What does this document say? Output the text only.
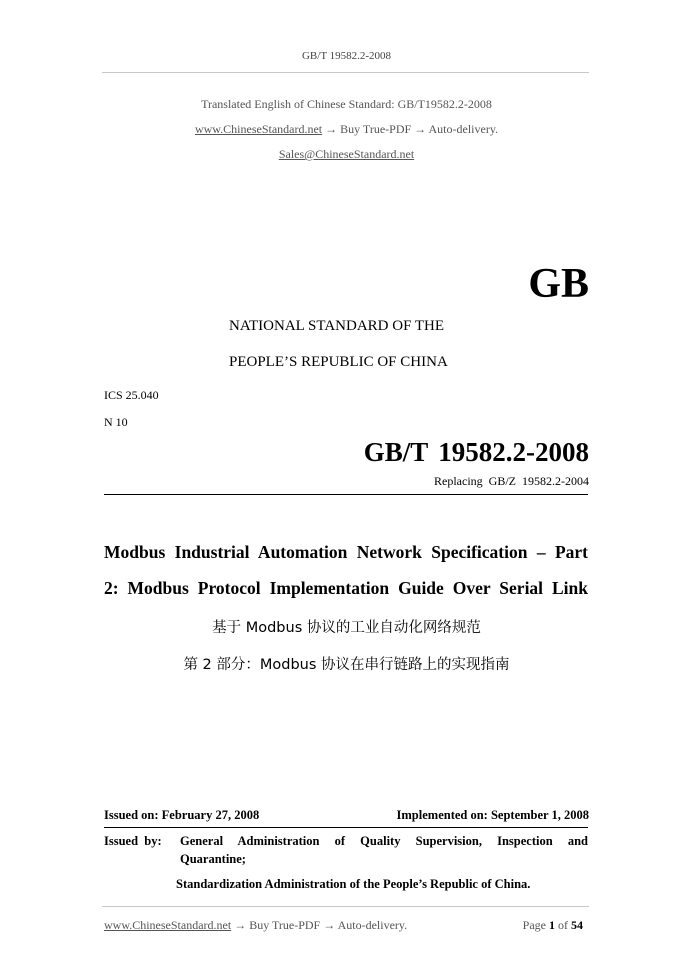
GB/T 19582.2-2008
Translated English of Chinese Standard: GB/T19582.2-2008
www.ChineseStandard.net → Buy True-PDF → Auto-delivery.
Sales@ChineseStandard.net
GB
NATIONAL STANDARD OF THE
PEOPLE’S REPUBLIC OF CHINA
ICS 25.040
N 10
GB/T 19582.2-2008
Replacing  GB/Z  19582.2-2004
Modbus Industrial Automation Network Specification – Part
2: Modbus Protocol Implementation Guide Over Serial Link
基于 Modbus 协议的工业自动化网络规范
第 2 部分：Modbus 协议在串行链路上的实现指南
Issued on: February 27, 2008	Implemented on: September 1, 2008
Issued  by: General Administration of Quality Supervision, Inspection and
Quarantine;
Standardization Administration of the People’s Republic of China.
www.ChineseStandard.net → Buy True-PDF → Auto-delivery.	Page 1 of 54
